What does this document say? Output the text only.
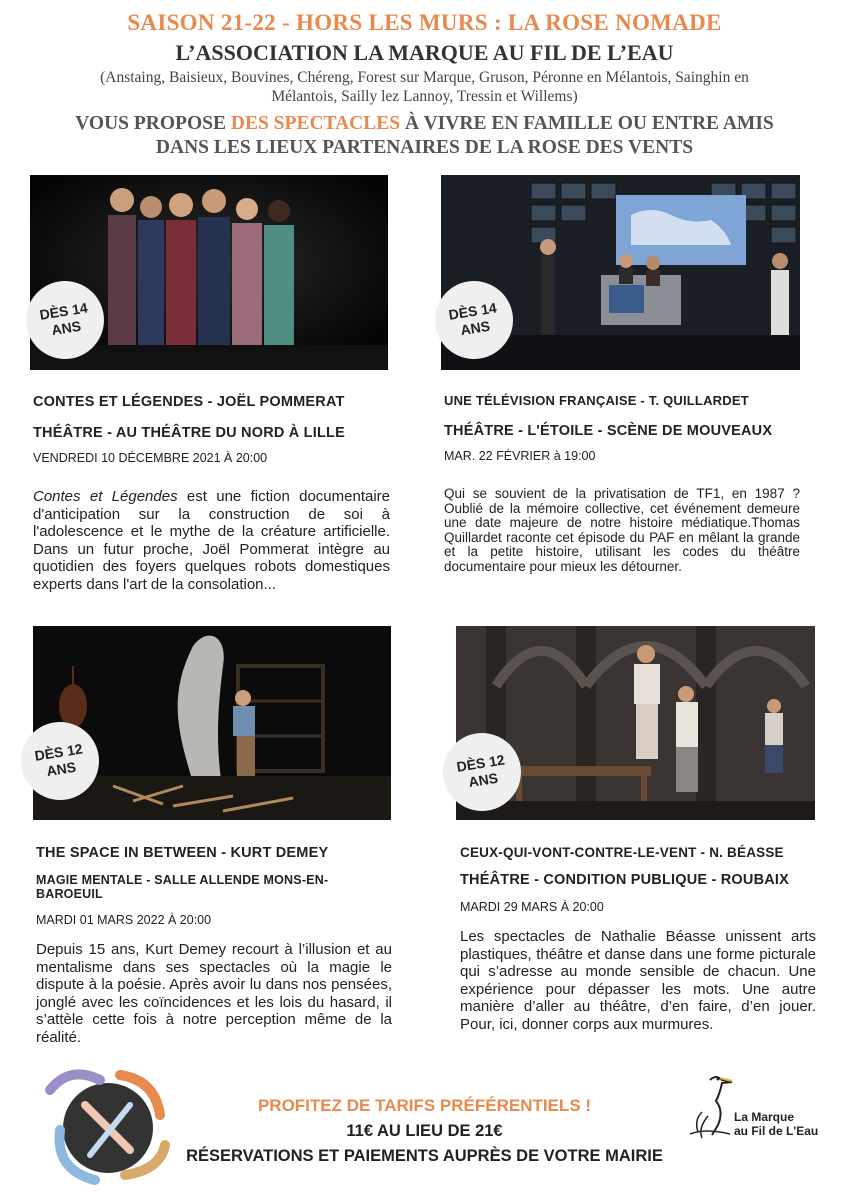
SAISON 21-22 - HORS LES MURS : LA ROSE NOMADE
L’ASSOCIATION LA MARQUE AU FIL DE L’EAU
(Anstaing, Baisieux, Bouvines, Chéreng, Forest sur Marque, Gruson, Péronne en Mélantois, Sainghin en
Mélantois, Sailly lez Lannoy, Tressin et Willems)
VOUS PROPOSE DES SPECTACLES À VIVRE EN FAMILLE OU ENTRE AMIS
DANS LES LIEUX PARTENAIRES DE LA ROSE DES VENTS
DÈS 14
ANS
DÈS 14
ANS
CONTES ET LÉGENDES - JOËL POMMERAT
THÉÂTRE - AU THÉÂTRE DU NORD À LILLE
VENDREDI 10 DÉCEMBRE 2021 À 20:00
Contes et Légendes est une fiction documentaire d'anticipation sur la construction de soi à l'adolescence et le mythe de la créature artificielle. Dans un futur proche, Joël Pommerat intègre au quotidien des foyers quelques robots domestiques experts dans l'art de la consolation...
UNE TÉLÉVISION FRANÇAISE - T. QUILLARDET
THÉÂTRE - L'ÉTOILE - SCÈNE DE MOUVEAUX
MAR. 22 FÉVRIER à 19:00
Qui se souvient de la privatisation de TF1, en 1987 ? Oublié de la mémoire collective, cet événement demeure une date majeure de notre histoire médiatique.Thomas Quillardet raconte cet épisode du PAF en mêlant la grande et la petite histoire, utilisant les codes du théâtre documentaire pour mieux les détourner.
DÈS 12
ANS	DÈS 12
ANS
THE SPACE IN BETWEEN - KURT DEMEY
MAGIE MENTALE - SALLE ALLENDE MONS-EN-BAROEUIL
MARDI 01 MARS 2022 À 20:00
Depuis 15 ans, Kurt Demey recourt à l’illusion et au mentalisme dans ses spectacles où la magie le dispute à la poésie. Après avoir lu dans nos pensées, jonglé avec les coïncidences et les lois du hasard, il s’attèle cette fois à notre perception même de la réalité.
CEUX-QUI-VONT-CONTRE-LE-VENT - N. BÉASSE
THÉÂTRE - CONDITION PUBLIQUE - ROUBAIX
MARDI 29 MARS À 20:00
Les spectacles de Nathalie Béasse unissent arts plastiques, théâtre et danse dans une forme picturale qui s’adresse au monde sensible de chacun. Une expérience pour dépasser les mots. Une autre manière d’aller au théâtre, d’en faire, d’en jouer. Pour, ici, donner corps aux murmures.
PROFITEZ DE TARIFS PRÉFÉRENTIELS !
11€ AU LIEU DE 21€
RÉSERVATIONS ET PAIEMENTS AUPRÈS DE VOTRE MAIRIE
La Marque
au Fil de L'Eau
